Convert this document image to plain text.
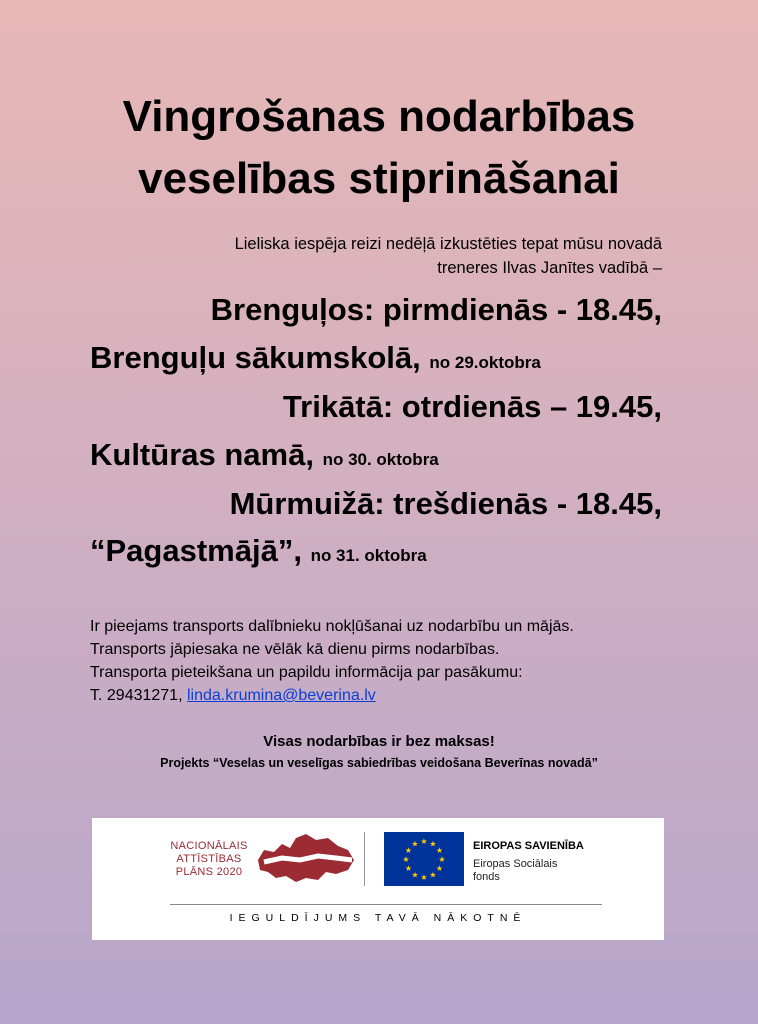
Vingrošanas nodarbības
veselības stiprināšanai
Lieliska iespēja reizi nedēļā izkustēties tepat mūsu novadā
treneres Ilvas Janītes vadībā –
Brenguļos: pirmdienās - 18.45,
Brenguļu sākumskolā, no 29.oktobra
Trikātā: otrdienās – 19.45,
Kultūras namā, no 30. oktobra
Mūrmuižā: trešdienās - 18.45,
“Pagastmājā”, no 31. oktobra
Ir pieejams transports dalībnieku nokļūšanai uz nodarbību un mājās.
Transports jāpiesaka ne vēlāk kā dienu pirms nodarbības.
Transporta pieteikšana un papildu informācija par pasākumu:
T. 29431271, linda.krumina@beverina.lv
Visas nodarbības ir bez maksas!
Projekts “Veselas un veselīgas sabiedrības veidošana Beverīnas novadā”
NACIONĀLAIS
ATTĪSTĪBAS
PLĀNS 2020
★ ★
★
★
★
★
★
★
★
★
★
★	EIROPAS SAVIENĪBA
Eiropas Sociālais
fonds
IEGULDĪJUMS TAVĀ NĀKOTNĒ
